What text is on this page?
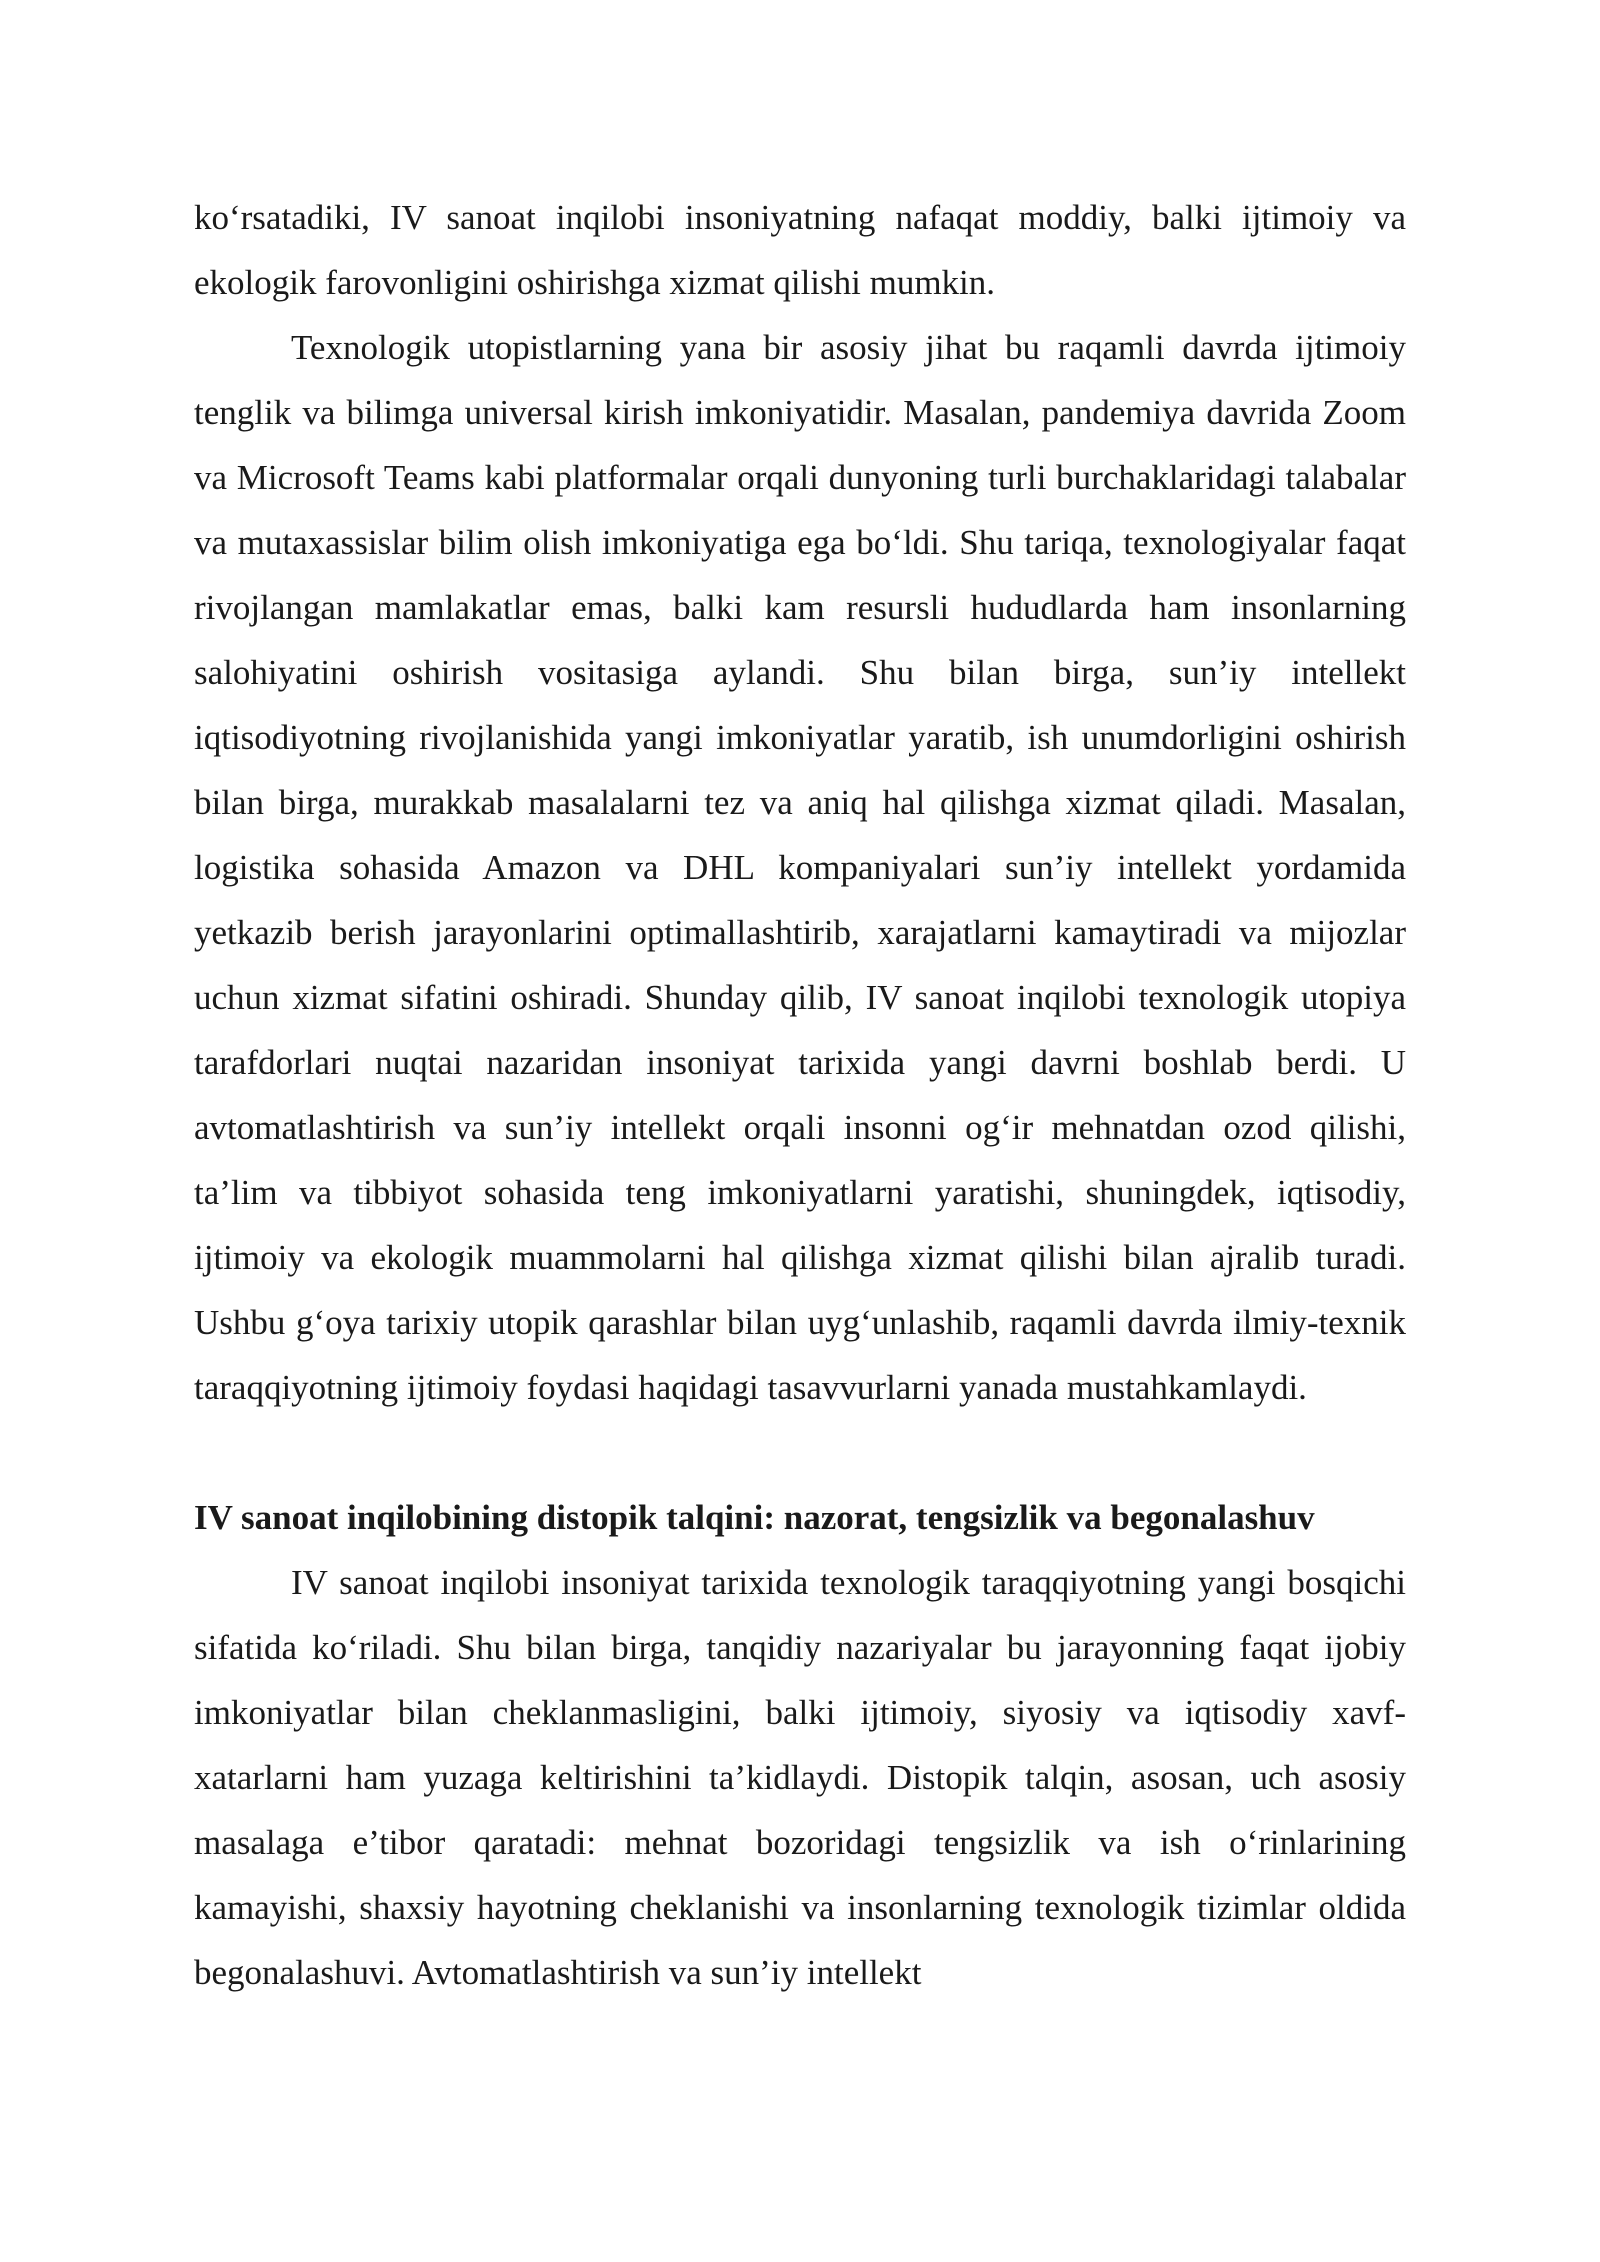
ko‘rsatadiki, IV sanoat inqilobi insoniyatning nafaqat moddiy, balki ijtimoiy va ekologik farovonligini oshirishga xizmat qilishi mumkin.

Texnologik utopistlarning yana bir asosiy jihat bu raqamli davrda ijtimoiy tenglik va bilimga universal kirish imkoniyatidir. Masalan, pandemiya davrida Zoom va Microsoft Teams kabi platformalar orqali dunyoning turli burchaklaridagi talabalar va mutaxassislar bilim olish imkoniyatiga ega bo‘ldi. Shu tariqa, texnologiyalar faqat rivojlangan mamlakatlar emas, balki kam resursli hududlarda ham insonlarning salohiyatini oshirish vositasiga aylandi. Shu bilan birga, sun’iy intellekt iqtisodiyotning rivojlanishida yangi imkoniyatlar yaratib, ish unumdorligini oshirish bilan birga, murakkab masalalarni tez va aniq hal qilishga xizmat qiladi. Masalan, logistika sohasida Amazon va DHL kompaniyalari sun’iy intellekt yordamida yetkazib berish jarayonlarini optimallashtirib, xarajatlarni kamaytiradi va mijozlar uchun xizmat sifatini oshiradi. Shunday qilib, IV sanoat inqilobi texnologik utopiya tarafdorlari nuqtai nazaridan insoniyat tarixida yangi davrni boshlab berdi. U avtomatlashtirish va sun’iy intellekt orqali insonni og‘ir mehnatdan ozod qilishi, ta’lim va tibbiyot sohasida teng imkoniyatlarni yaratishi, shuningdek, iqtisodiy, ijtimoiy va ekologik muammolarni hal qilishga xizmat qilishi bilan ajralib turadi. Ushbu g‘oya tarixiy utopik qarashlar bilan uyg‘unlashib, raqamli davrda ilmiy-texnik taraqqiyotning ijtimoiy foydasi haqidagi tasavvurlarni yanada mustahkamlaydi.

IV sanoat inqilobining distopik talqini: nazorat, tengsizlik va begonalashuv

IV sanoat inqilobi insoniyat tarixida texnologik taraqqiyotning yangi bosqichi sifatida ko‘riladi. Shu bilan birga, tanqidiy nazariyalar bu jarayonning faqat ijobiy imkoniyatlar bilan cheklanmasligini, balki ijtimoiy, siyosiy va iqtisodiy xavf-xatarlarni ham yuzaga keltirishini ta’kidlaydi. Distopik talqin, asosan, uch asosiy masalaga e’tibor qaratadi: mehnat bozoridagi tengsizlik va ish o‘rinlarining kamayishi, shaxsiy hayotning cheklanishi va insonlarning texnologik tizimlar oldida begonalashuvi. Avtomatlashtirish va sun’iy intellekt
